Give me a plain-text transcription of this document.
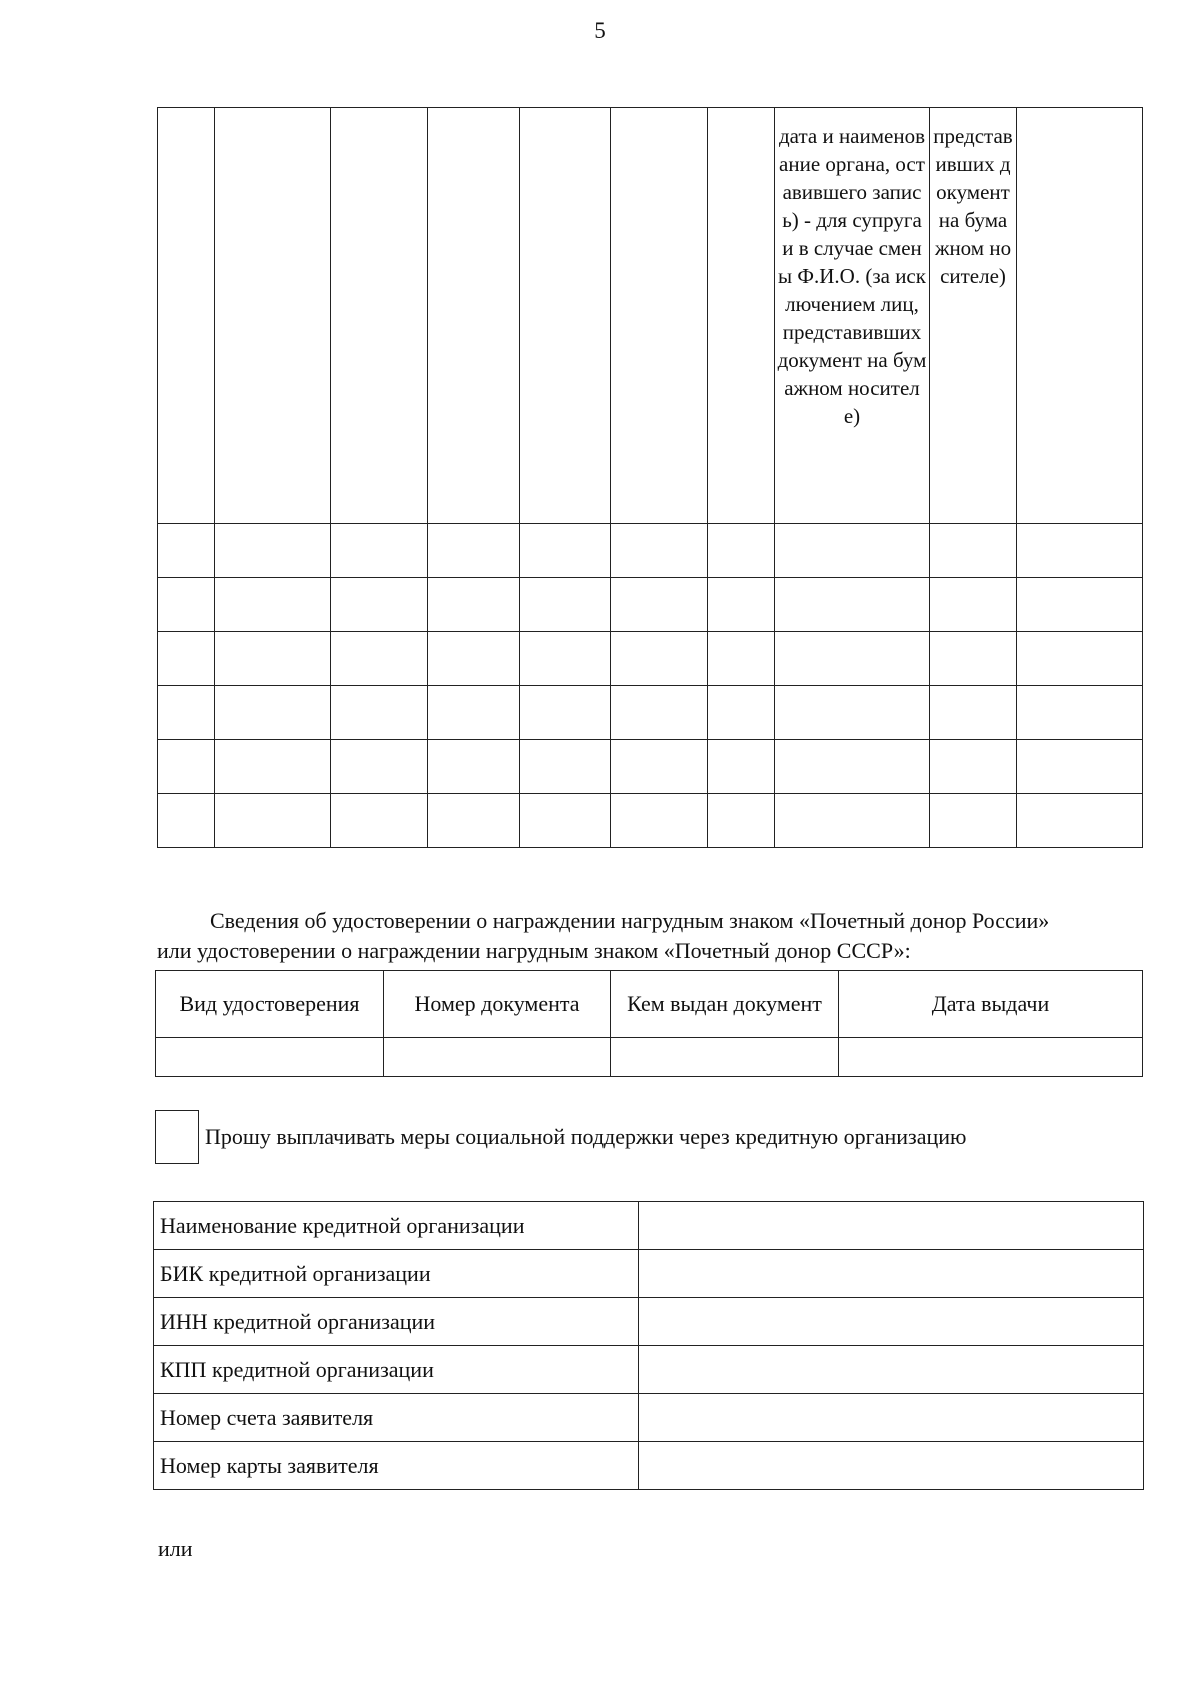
5

							дата и наименование органа, оставившего запись) - для супруга и в случае смены Ф.И.О. (за исключением лиц, представивших документ на бумажном носителе)	представивших документ на бумажном носителе)	

Сведения об удостоверении о награждении нагрудным знаком «Почетный донор России»
или удостоверении о награждении нагрудным знаком «Почетный донор СССР»:
Вид удостоверения	Номер документа	Кем выдан документ	Дата выдачи

Прошу выплачивать меры социальной поддержки через кредитную организацию
Наименование кредитной организации	
БИК кредитной организации	
ИНН кредитной организации	
КПП кредитной организации	
Номер счета заявителя	
Номер карты заявителя	
или
